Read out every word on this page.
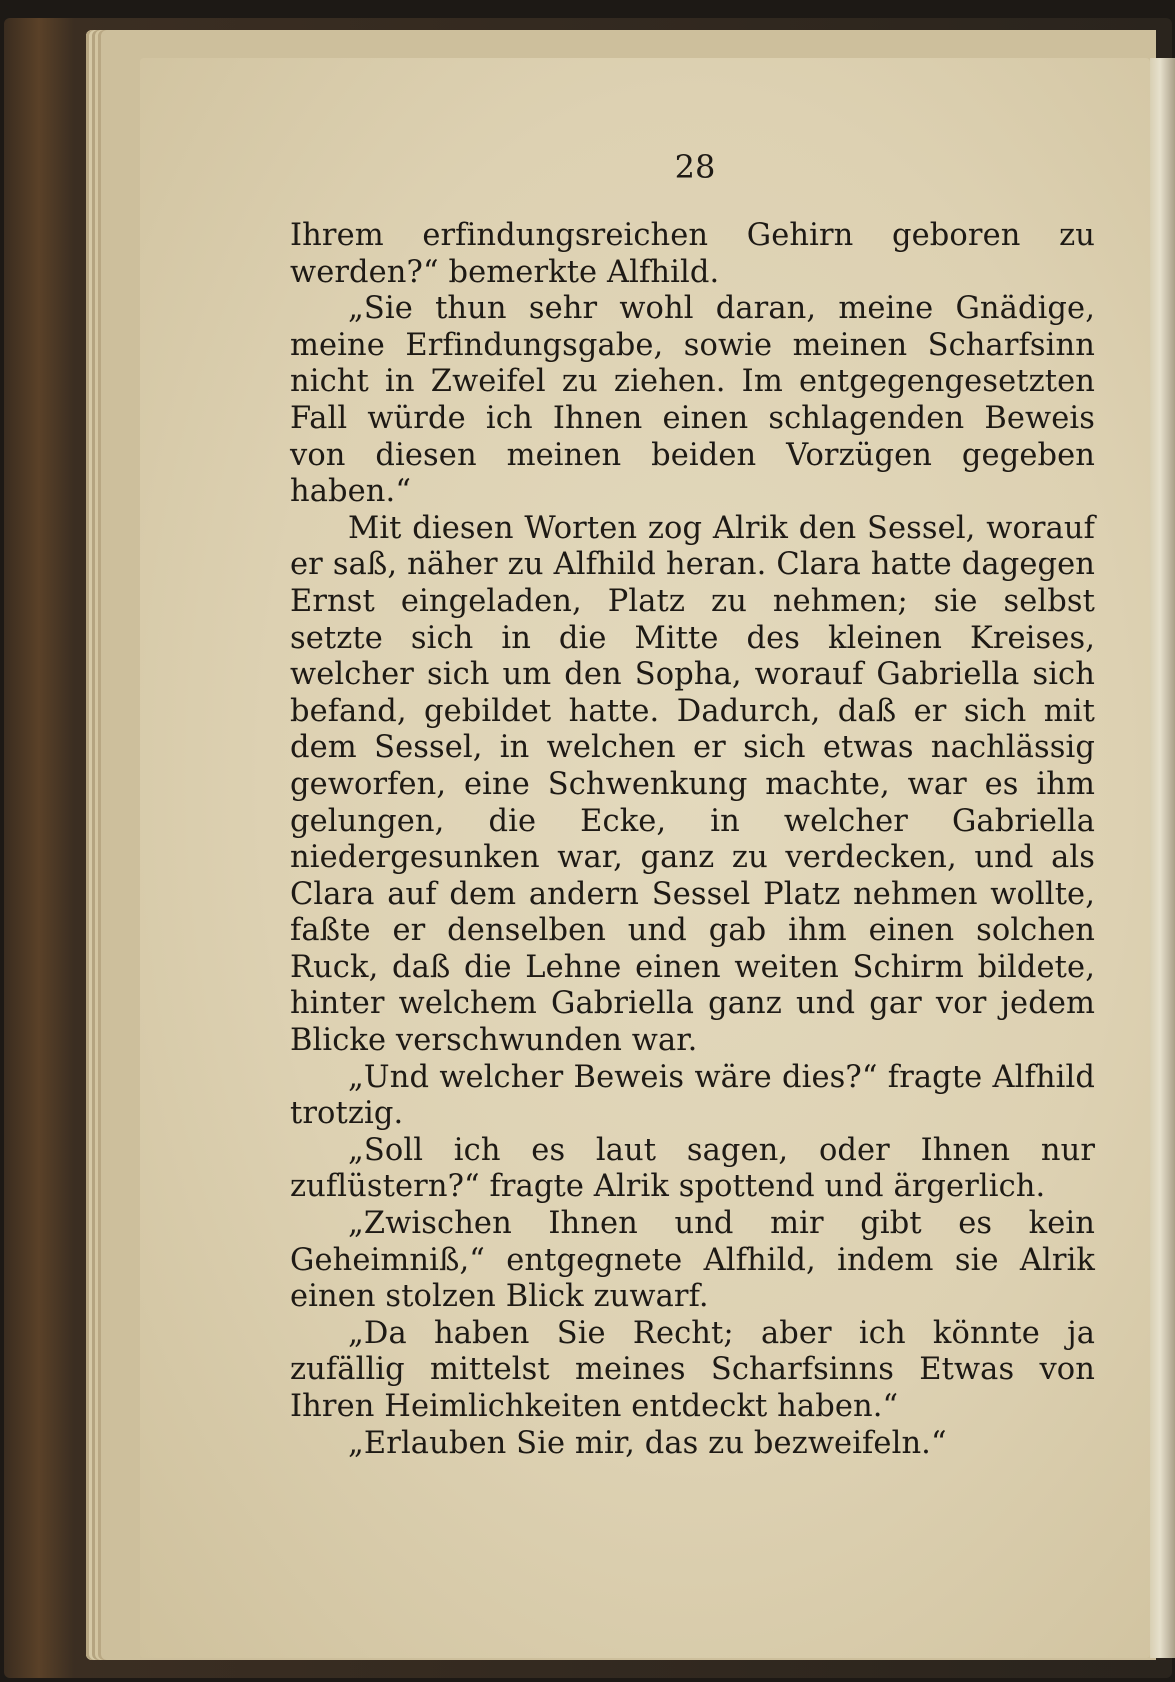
28

Ihrem erfindungsreichen Gehirn geboren zu werden?“ bemerkte Alfhild.

„Sie thun sehr wohl daran, meine Gnädige, meine Erfindungsgabe, sowie meinen Scharfsinn nicht in Zweifel zu ziehen. Im entgegengesetzten Fall würde ich Ihnen einen schlagenden Beweis von diesen meinen beiden Vorzügen gegeben haben.“

Mit diesen Worten zog Alrik den Sessel, worauf er saß, näher zu Alfhild heran. Clara hatte dagegen Ernst eingeladen, Platz zu nehmen; sie selbst setzte sich in die Mitte des kleinen Kreises, welcher sich um den Sopha, worauf Gabriella sich befand, gebildet hatte. Dadurch, daß er sich mit dem Sessel, in welchen er sich etwas nachlässig geworfen, eine Schwenkung machte, war es ihm gelungen, die Ecke, in welcher Gabriella niedergesunken war, ganz zu verdecken, und als Clara auf dem andern Sessel Platz nehmen wollte, faßte er denselben und gab ihm einen solchen Ruck, daß die Lehne einen weiten Schirm bildete, hinter welchem Gabriella ganz und gar vor jedem Blicke verschwunden war.

„Und welcher Beweis wäre dies?“ fragte Alfhild trotzig.

„Soll ich es laut sagen, oder Ihnen nur zuflüstern?“ fragte Alrik spottend und ärgerlich.

„Zwischen Ihnen und mir gibt es kein Geheimniß,“ entgegnete Alfhild, indem sie Alrik einen stolzen Blick zuwarf.

„Da haben Sie Recht; aber ich könnte ja zufällig mittelst meines Scharfsinns Etwas von Ihren Heimlichkeiten entdeckt haben.“

„Erlauben Sie mir, das zu bezweifeln.“
